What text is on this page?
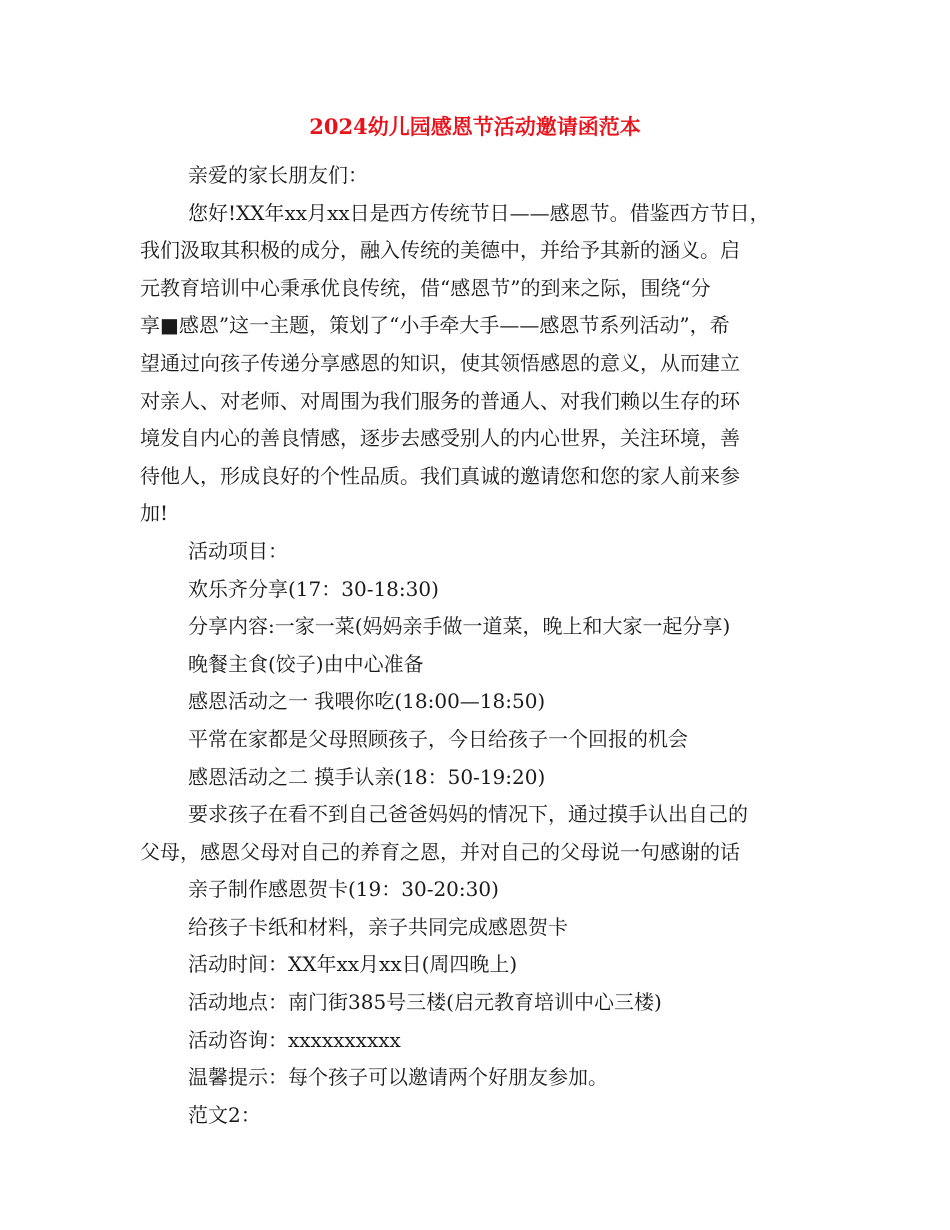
2024幼儿园感恩节活动邀请函范本

亲爱的家长朋友们：

您好!XX年xx月xx日是西方传统节日——感恩节。借鉴西方节日，
我们汲取其积极的成分，融入传统的美德中，并给予其新的涵义。启
元教育培训中心秉承优良传统，借“感恩节”的到来之际，围绕“分
享■感恩”这一主题，策划了“小手牵大手——感恩节系列活动”，希
望通过向孩子传递分享感恩的知识，使其领悟感恩的意义，从而建立
对亲人、对老师、对周围为我们服务的普通人、对我们赖以生存的环
境发自内心的善良情感，逐步去感受别人的内心世界，关注环境，善
待他人，形成良好的个性品质。我们真诚的邀请您和您的家人前来参
加!
活动项目：
欢乐齐分享(17：30-18:30)
分享内容:一家一菜(妈妈亲手做一道菜，晚上和大家一起分享)
晚餐主食(饺子)由中心准备
感恩活动之一 我喂你吃(18:00—18:50)
平常在家都是父母照顾孩子，今日给孩子一个回报的机会
感恩活动之二 摸手认亲(18：50-19:20)
要求孩子在看不到自己爸爸妈妈的情况下，通过摸手认出自己的
父母，感恩父母对自己的养育之恩，并对自己的父母说一句感谢的话
亲子制作感恩贺卡(19：30-20:30)
给孩子卡纸和材料，亲子共同完成感恩贺卡
活动时间：XX年xx月xx日(周四晚上)
活动地点：南门街385号三楼(启元教育培训中心三楼)
活动咨询：xxxxxxxxxx
温馨提示：每个孩子可以邀请两个好朋友参加。
范文2：
